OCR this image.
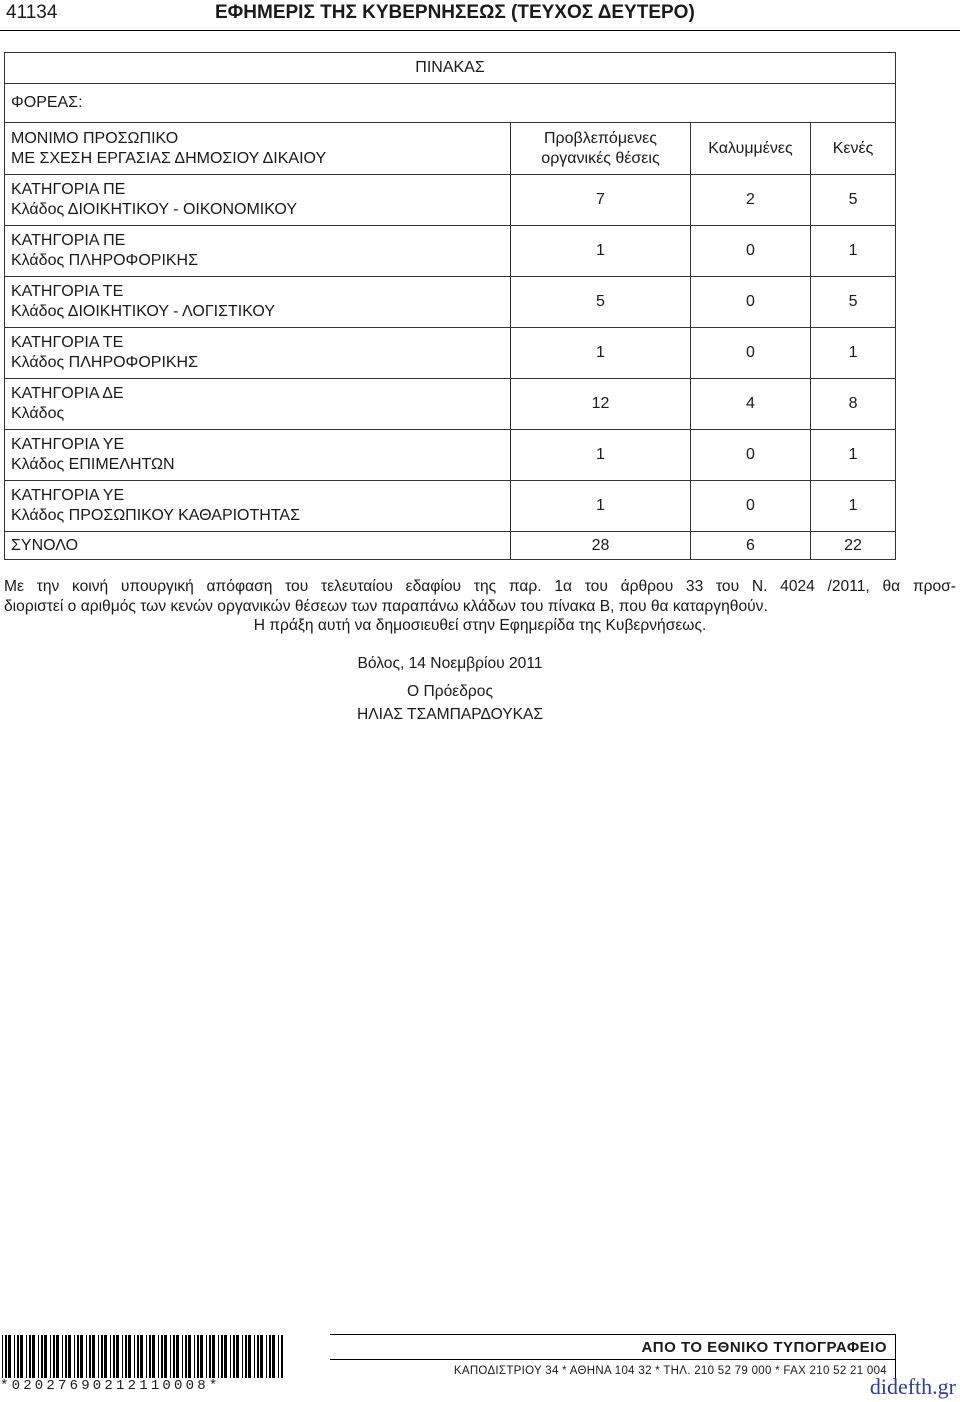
41134	ΕΦΗΜΕΡΙΣ ΤΗΣ ΚΥΒΕΡΝΗΣΕΩΣ (ΤΕΥΧΟΣ ΔΕΥΤΕΡΟ)
ΠΙΝΑΚΑΣ			
ΦΟΡΕΑΣ:			

ΜΟΝΙΜΟ ΠΡΟΣΩΠΙΚΟ
ΜΕ ΣΧΕΣΗ ΕΡΓΑΣΙΑΣ ΔΗΜΟΣΙΟΥ ΔΙΚΑΙΟΥ	Προβλεπόμενες
οργανικές θέσεις	Καλυμμένες	Κενές

ΚΑΤΗΓΟΡΙΑ ΠΕ
Κλάδος ΔΙΟΙΚΗΤΙΚΟΥ - ΟΙΚΟΝΟΜΙΚΟΥ	7	2	5

ΚΑΤΗΓΟΡΙΑ ΠΕ
Κλάδος ΠΛΗΡΟΦΟΡΙΚΗΣ	1	0	1

ΚΑΤΗΓΟΡΙΑ ΤΕ
Κλάδος ΔΙΟΙΚΗΤΙΚΟΥ - ΛΟΓΙΣΤΙΚΟΥ	5	0	5

ΚΑΤΗΓΟΡΙΑ ΤΕ
Κλάδος ΠΛΗΡΟΦΟΡΙΚΗΣ	1	0	1

ΚΑΤΗΓΟΡΙΑ ΔΕ
Κλάδος	12	4	8

ΚΑΤΗΓΟΡΙΑ ΥΕ
Κλάδος ΕΠΙΜΕΛΗΤΩΝ	1	0	1

ΚΑΤΗΓΟΡΙΑ ΥΕ
Κλάδος ΠΡΟΣΩΠΙΚΟΥ ΚΑΘΑΡΙΟΤΗΤΑΣ	1	0	1
ΣΥΝΟΛΟ	28	6	22

Με την κοινή υπουργική απόφαση του τελευταίου εδαφίου της παρ. 1α του άρθρου 33 του Ν. 4024 /2011, θα προσ-

διοριστεί ο αριθμός των κενών οργανικών θέσεων των παραπάνω κλάδων του πίνακα Β, που θα καταργηθούν.

Η πράξη αυτή να δημοσιευθεί στην Εφημερίδα της Κυβερνήσεως.

Βόλος, 14 Νοεμβρίου 2011
Ο Πρόεδρος
ΗΛΙΑΣ ΤΣΑΜΠΑΡΔΟΥΚΑΣ
*02027690212110008*
ΑΠΟ ΤΟ ΕΘΝΙΚΟ ΤΥΠΟΓΡΑΦΕΙΟ
ΚΑΠΟΔΙΣΤΡΙΟΥ 34 * ΑΘΗΝΑ 104 32 * ΤΗΛ. 210 52 79 000 * FAX 210 52 21 004
didefth.gr
